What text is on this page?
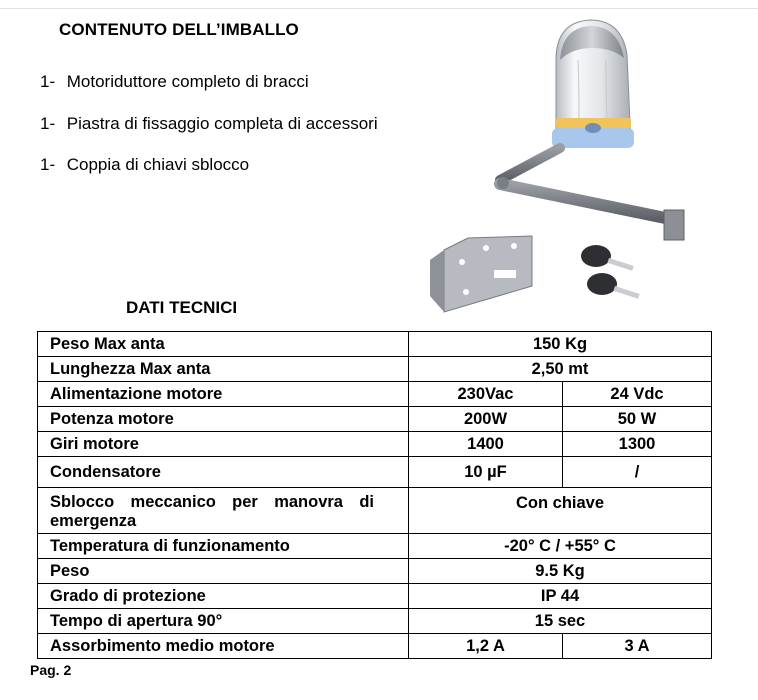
CONTENUTO DELL’IMBALLO
1- Motoriduttore completo di bracci
1- Piastra di fissaggio completa di accessori
1- Coppia di chiavi sblocco
DATI TECNICI
Peso Max anta	150 Kg	
Lunghezza Max anta	2,50 mt	
Alimentazione motore	230Vac	24 Vdc
Potenza motore	200W	50 W
Giri motore	1400	1300
Condensatore	10 µF	/
Sblocco meccanico per manovra di emergenza	Con chiave	
Temperatura di funzionamento	-20° C / +55° C	
Peso	9.5 Kg	
Grado di protezione	IP 44	
Tempo di apertura 90°	15 sec	
Assorbimento medio motore	1,2 A	3 A
Pag. 2
